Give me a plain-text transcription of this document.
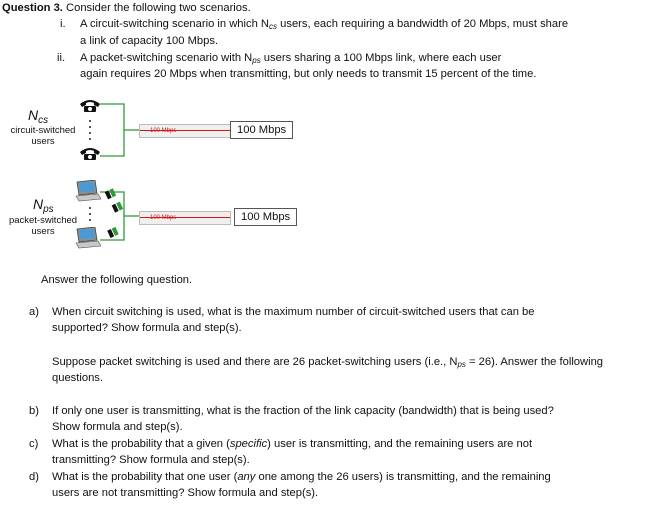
Question 3. Consider the following two scenarios.
i. A circuit-switching scenario in which $N_{cs}$ users, each requiring a bandwidth of 20 Mbps, must share
a link of capacity 100 Mbps.
ii. A packet-switching scenario with $N_{ps}$ users sharing a 100 Mbps link, where each user
again requires 20 Mbps when transmitting, but only needs to transmit 15 percent of the time.
$N_{cs}$
circuit-switched
users
100 Mbps	100 Mbps
$N_{ps}$
packet-switched
users
100 Mbps	100 Mbps
Answer the following question.
a) When circuit switching is used, what is the maximum number of circuit-switched users that can be
supported? Show formula and step(s).
Suppose packet switching is used and there are 26 packet-switching users (i.e., $N_{ps} = 26$). Answer the following
questions.
b) If only one user is transmitting, what is the fraction of the link capacity (bandwidth) that is being used?
Show formula and step(s).
c) What is the probability that a given (specific) user is transmitting, and the remaining users are not
transmitting? Show formula and step(s).
d) What is the probability that one user (any one among the 26 users) is transmitting, and the remaining
users are not transmitting? Show formula and step(s).
